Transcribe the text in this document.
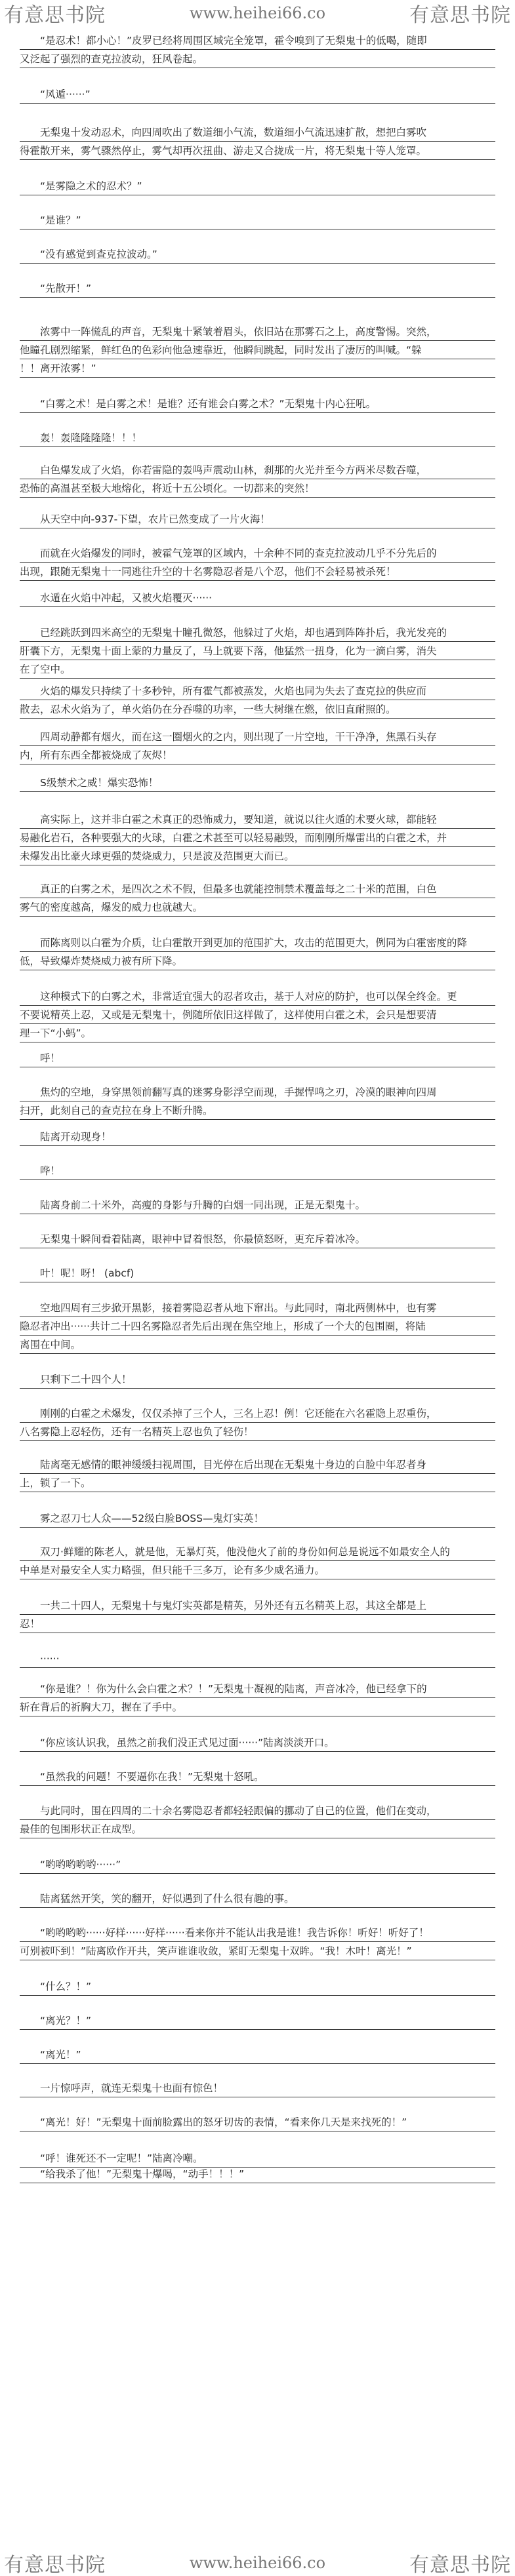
有意思书院	www.heihei66.co	有意思书院
　　“是忍术！都小心！”皮罗已经将周围区域完全笼罩，霍令嗅到了无梨鬼十的低喝，随即
又泛起了强烈的查克拉波动，狂风卷起。
　　“风遁······”
　　无梨鬼十发动忍术，向四周吹出了数道细小气流，数道细小气流迅速扩散，想把白雾吹
得霍散开来，雾气骤然停止，雾气却再次扭曲、游走又合拢成一片，将无梨鬼十等人笼罩。
　　“是雾隐之术的忍术？”
　　“是谁？”
　　“没有感觉到查克拉波动。”
　　“先散开！”
　　浓雾中一阵慌乱的声音，无梨鬼十紧皱着眉头，依旧站在那雾石之上，高度警惕。突然，
他瞳孔剧烈缩紧，鲜红色的色彩向他急速靠近，他瞬间跳起，同时发出了凄厉的叫喊。“躲
！！离开浓雾！”
　　“白雾之术！是白雾之术！是谁？还有谁会白雾之术？”无梨鬼十内心狂吼。
　　轰！轰隆隆隆隆！！！
　　白色爆发成了火焰，你若雷隐的轰鸣声震动山林，刹那的火光并至今方两米尽数吞噬，
恐怖的高温甚至极大地熔化，将近十五公顷化。一切都来的突然！
　　从天空中向-937-下望，农片已然变成了一片火海！
　　而就在火焰爆发的同时，被霍气笼罩的区域内，十余种不同的查克拉波动几乎不分先后的
出现，跟随无梨鬼十一同逃往升空的十名雾隐忍者是八个忍，他们不会轻易被杀死！
　　水遁在火焰中冲起，又被火焰覆灭······
　　已经跳跃到四米高空的无梨鬼十瞳孔微怒，他躲过了火焰，却也遇到阵阵扑后，我光发亮的
肝囊下方，无梨鬼十面上蒙的力量反了，马上就要下落，他猛然一扭身，化为一滴白雾，消失
在了空中。
　　火焰的爆发只持续了十多秒钟，所有霍气都被蒸发，火焰也同为失去了查克拉的供应而
散去，忍术火焰为了，单火焰仍在分吞噬的功率，一些大树继在燃，依旧直耐照的。
　　四周动静都有烟火，而在这一圈烟火的之内，则出现了一片空地，干干净净，焦黑石头存
内，所有东西全都被烧成了灰烬！
　　S级禁术之威！爆实恐怖！
　　高实际上，这并非白霍之术真正的恐怖威力，要知道，就说以往火遁的术要火球，都能轻
易融化岩石，各种要强大的火球，白霍之术甚至可以轻易融毁，而刚刚所爆雷出的白霍之术，并
未爆发出比豪火球更强的焚烧威力，只是波及范围更大而已。
　　真正的白雾之术，是四次之术不假，但最多也就能控制禁术覆盖每之二十米的范围，白色
雾气的密度越高，爆发的威力也就越大。
　　而陈离则以白霍为介质，让白霍散开到更加的范围扩大，攻击的范围更大，例同为白霍密度的降
低，导致爆炸焚烧威力被有所下降。
　　这种模式下的白雾之术，非常适宜强大的忍者攻击，基于人对应的防护，也可以保全终金。更
不要说精英上忍，又或是无梨鬼十，例随所依旧这样做了，这样使用白霍之术，会只是想要清
理一下“小蚂”。
　　呼！
　　焦灼的空地，身穿黑领前翻写真的迷雾身影浮空而现，手握悍鸣之刃，冷漠的眼神向四周
扫开，此刻自己的查克拉在身上不断升腾。
　　陆离开动现身！
　　哗！
　　陆离身前二十米外，高瘦的身影与升腾的白烟一同出现，正是无梨鬼十。
　　无梨鬼十瞬间看着陆离，眼神中冒着恨怒，你最愤怒呀，更充斥着冰冷。
　　叶！呢！呀！ (abcf)
　　空地四周有三步掀开黑影，接着雾隐忍者从地下窜出。与此同时，南北两侧林中，也有雾
隐忍者冲出······共计二十四名雾隐忍者先后出现在焦空地上，形成了一个大的包围圈，将陆
离围在中间。
　　只剩下二十四个人！
　　刚刚的白霍之术爆发，仅仅杀掉了三个人，三名上忍！例！它还能在六名霍隐上忍重伤，
八名雾隐上忍轻伤，还有一名精英上忍也负了轻伤！
　　陆离毫无感情的眼神缓缓扫视周围，目光停在后出现在无梨鬼十身边的白脸中年忍者身
上，锁了一下。
　　雾之忍刀七人众——52级白脸BOSS—鬼灯实英！
　　双刀·鲜耀的陈老人，就是他，无暴灯英，他没他火了前的身份如何总是说远不如最安全人的
中单是对最安全人实力略强，但只能千三多万，论有多少威名通力。
　　一共二十四人，无梨鬼十与鬼灯实英都是精英，另外还有五名精英上忍，其这全都是上
忍！
　　······
　　“你是谁？！你为什么会白霍之术？！”无梨鬼十凝视的陆离，声音冰冷，他已经拿下的
斩在背后的祈胸大刀，握在了手中。
　　“你应该认识我，虽然之前我们没正式见过面······”陆离淡淡开口。
　　“虽然我的问题！不要逼你在我！”无梨鬼十怒吼。
　　与此同时，围在四周的二十余名雾隐忍者都轻轻跟偏的挪动了自己的位置，他们在变动，
最佳的包围形状正在成型。
　　“哟哟哟哟哟······”
　　陆离猛然开笑，笑的翻开，好似遇到了什么很有趣的事。
　　“哟哟哟哟······好样······好样······看来你并不能认出我是谁！我告诉你！听好！听好了！
可别被吓到！”陆离欧作开共，笑声谁谁收敛，紧盯无梨鬼十双眸。“我！木叶！离光！”
　　“什么？！”
　　“离光？！”
　　“离光！”
　　一片惊呼声，就连无梨鬼十也面有惊色！
　　“离光！好！”无梨鬼十面前脸露出的怒牙切齿的表情，“看来你几天是来找死的！”
　　“呼！谁死还不一定呢！”陆离冷嘲。
　　“给我杀了他！”无梨鬼十爆喝，“动手！！！”
有意思书院	www.heihei66.co	有意思书院
